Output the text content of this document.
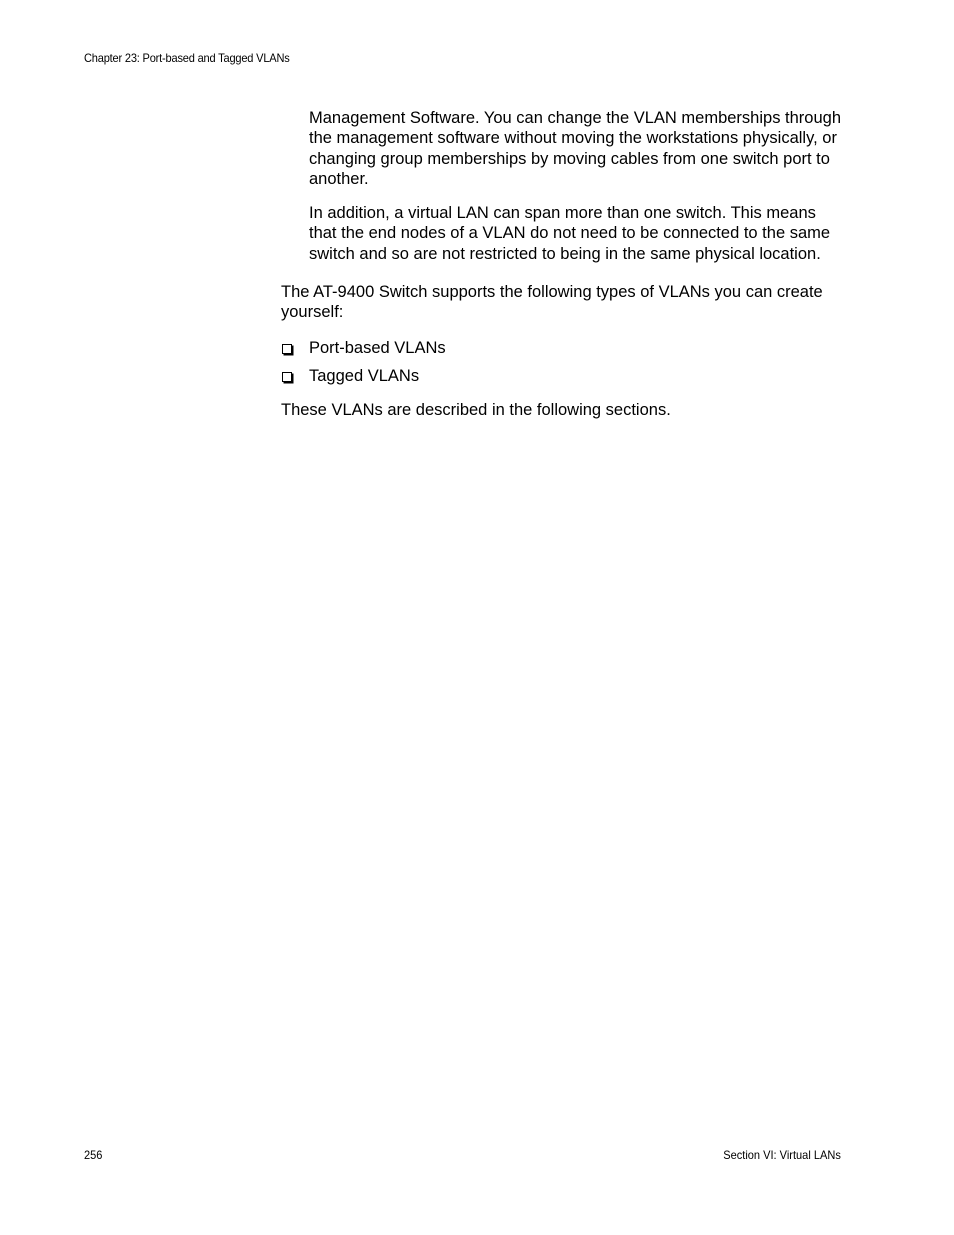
Chapter 23: Port-based and Tagged VLANs

Management Software. You can change the VLAN memberships through the management software without moving the workstations physically, or changing group memberships by moving cables from one switch port to another.

In addition, a virtual LAN can span more than one switch. This means that the end nodes of a VLAN do not need to be connected to the same switch and so are not restricted to being in the same physical location.

The AT-9400 Switch supports the following types of VLANs you can create yourself:

Port-based VLANs
Tagged VLANs

These VLANs are described in the following sections.

256	Section VI: Virtual LANs
